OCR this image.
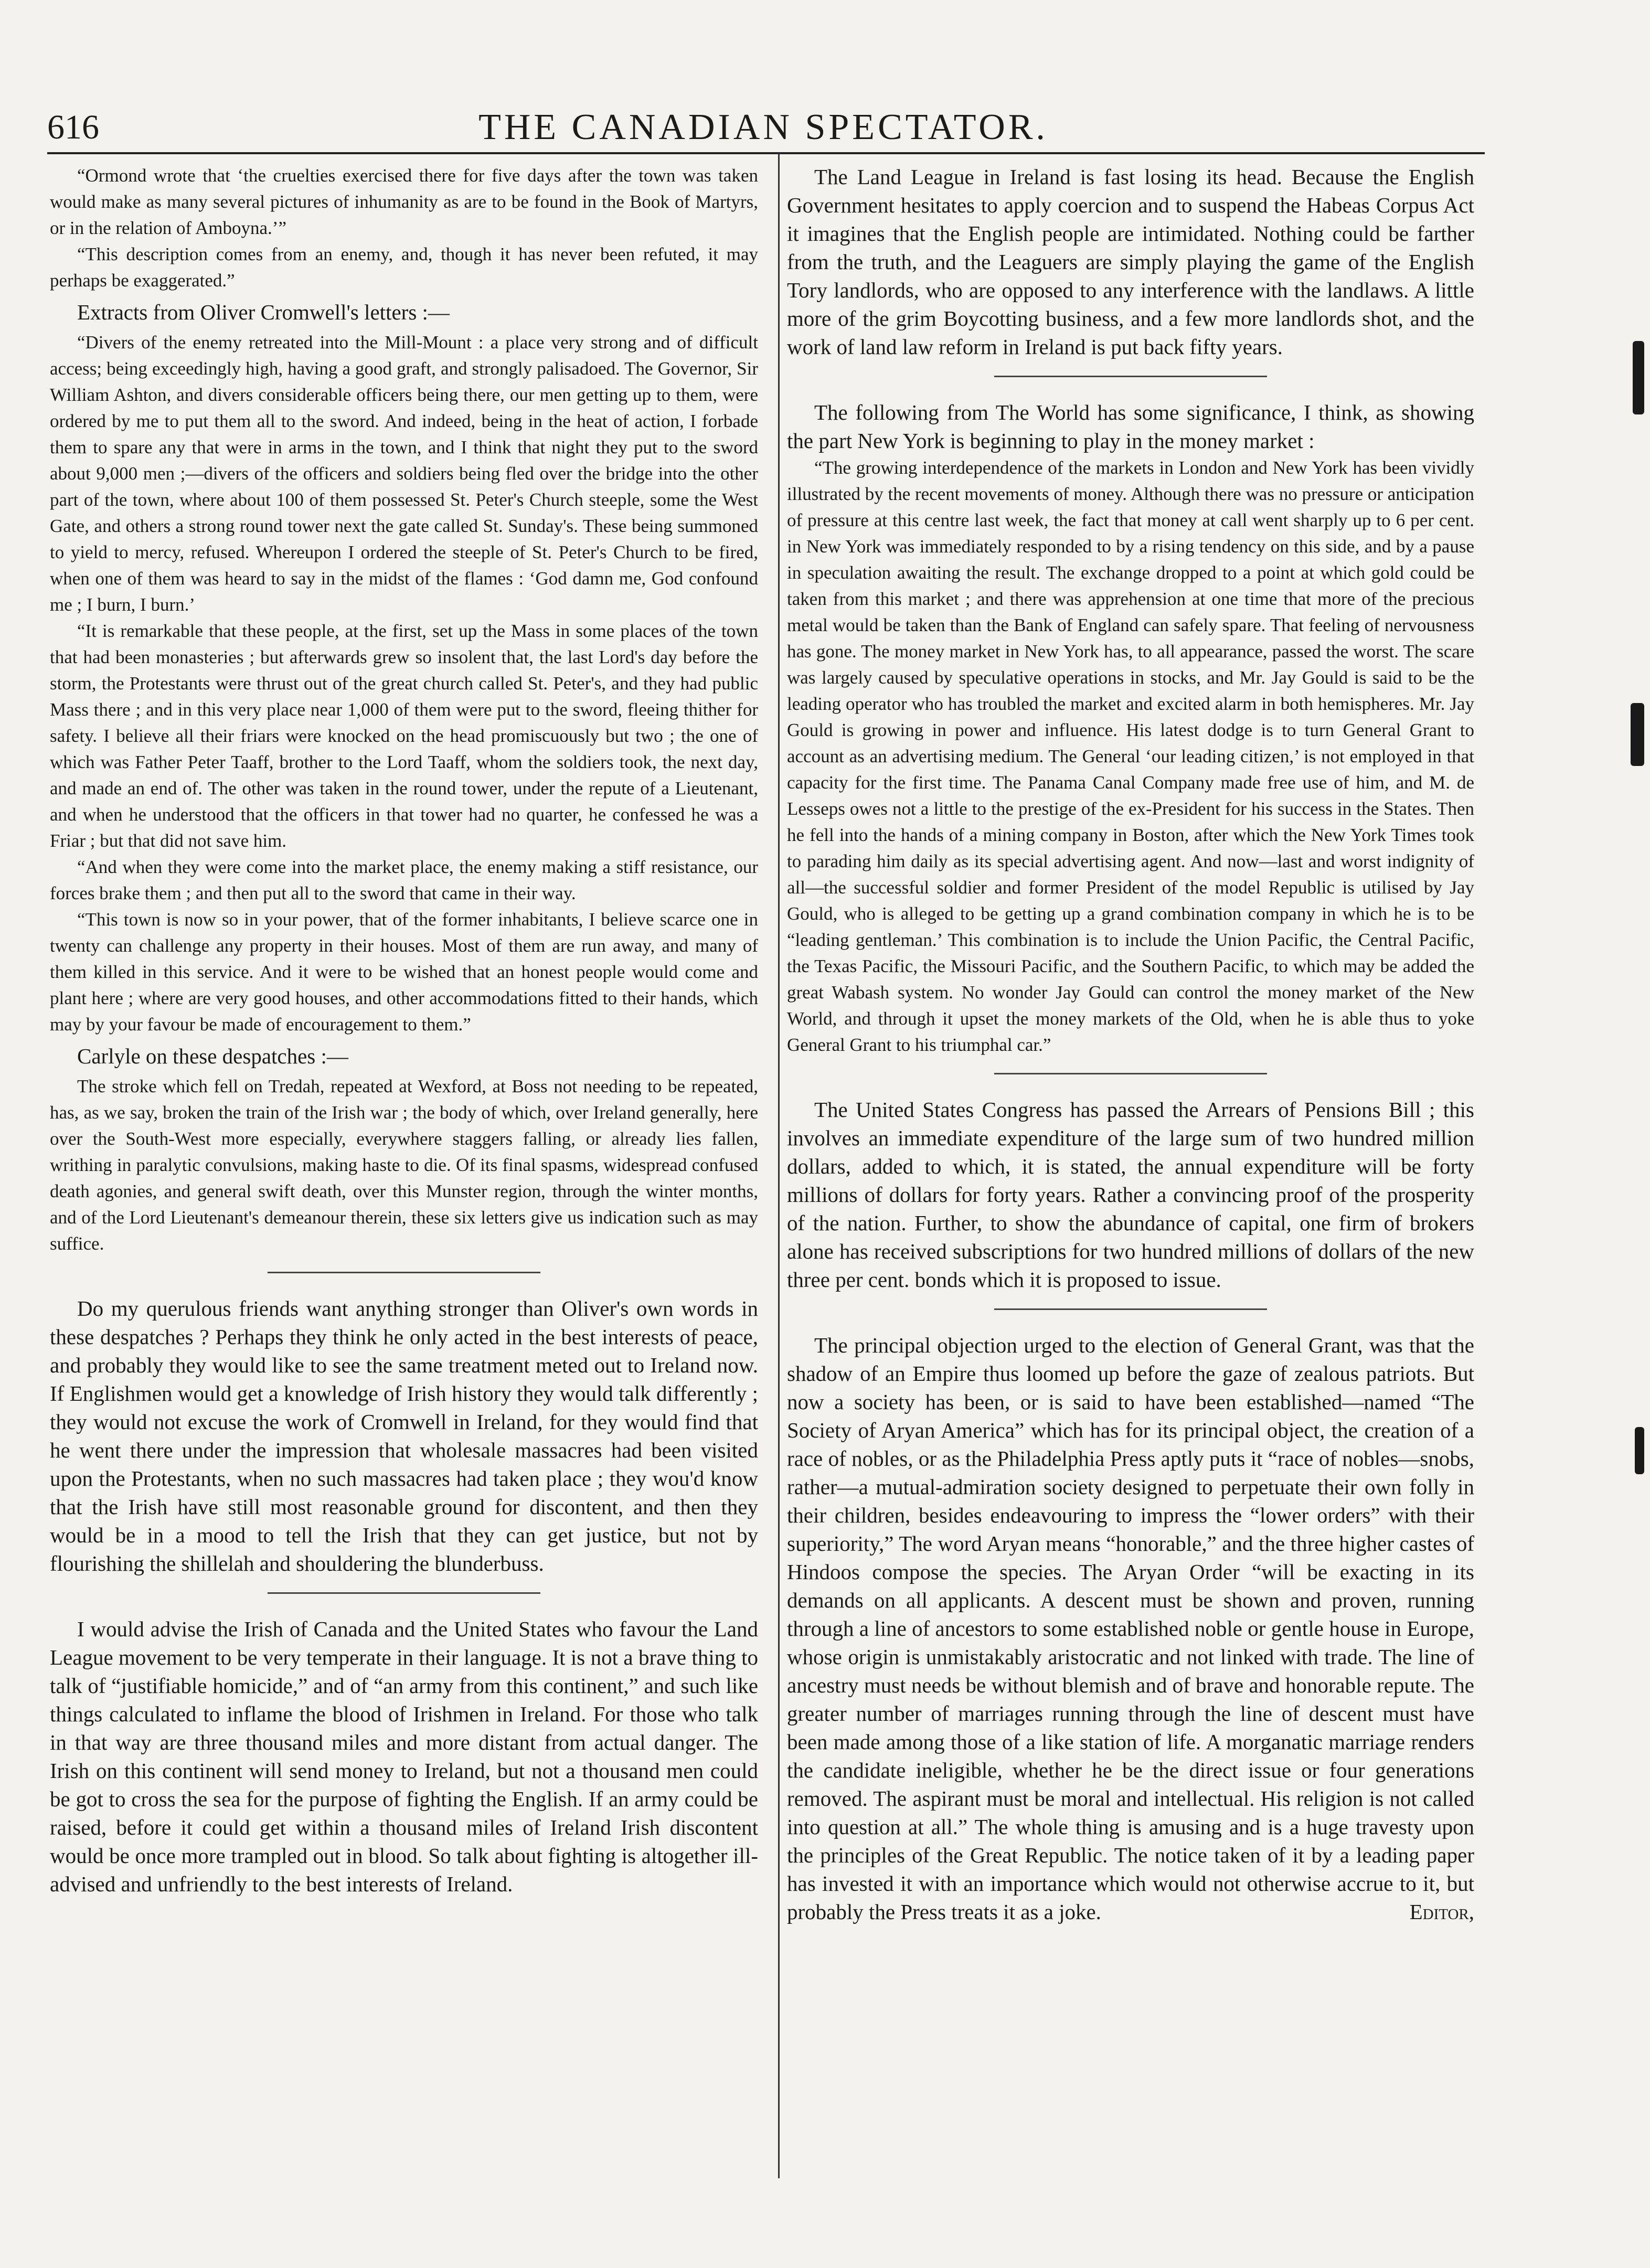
616	THE CANADIAN SPECTATOR.

“Ormond wrote that ‘the cruelties exercised there for five days after the town was taken would make as many several pictures of inhumanity as are to be found in the Book of Martyrs, or in the relation of Amboyna.’”

“This description comes from an enemy, and, though it has never been refuted, it may perhaps be exaggerated.”

Extracts from Oliver Cromwell's letters :—

“Divers of the enemy retreated into the Mill-Mount : a place very strong and of difficult access; being exceedingly high, having a good graft, and strongly palisadoed. The Governor, Sir William Ashton, and divers considerable officers being there, our men getting up to them, were ordered by me to put them all to the sword. And indeed, being in the heat of action, I forbade them to spare any that were in arms in the town, and I think that night they put to the sword about 9,000 men ;—divers of the officers and soldiers being fled over the bridge into the other part of the town, where about 100 of them possessed St. Peter's Church steeple, some the West Gate, and others a strong round tower next the gate called St. Sunday's. These being summoned to yield to mercy, refused. Whereupon I ordered the steeple of St. Peter's Church to be fired, when one of them was heard to say in the midst of the flames : ‘God damn me, God confound me ; I burn, I burn.’

“It is remarkable that these people, at the first, set up the Mass in some places of the town that had been monasteries ; but afterwards grew so insolent that, the last Lord's day before the storm, the Protestants were thrust out of the great church called St. Peter's, and they had public Mass there ; and in this very place near 1,000 of them were put to the sword, fleeing thither for safety. I believe all their friars were knocked on the head promiscuously but two ; the one of which was Father Peter Taaff, brother to the Lord Taaff, whom the soldiers took, the next day, and made an end of. The other was taken in the round tower, under the repute of a Lieutenant, and when he understood that the officers in that tower had no quarter, he confessed he was a Friar ; but that did not save him.

“And when they were come into the market place, the enemy making a stiff resistance, our forces brake them ; and then put all to the sword that came in their way.

“This town is now so in your power, that of the former inhabitants, I believe scarce one in twenty can challenge any property in their houses. Most of them are run away, and many of them killed in this service. And it were to be wished that an honest people would come and plant here ; where are very good houses, and other accommodations fitted to their hands, which may by your favour be made of encouragement to them.”

Carlyle on these despatches :—

The stroke which fell on Tredah, repeated at Wexford, at Boss not needing to be repeated, has, as we say, broken the train of the Irish war ; the body of which, over Ireland generally, here over the South-West more especially, everywhere staggers falling, or already lies fallen, writhing in paralytic convulsions, making haste to die. Of its final spasms, widespread confused death agonies, and general swift death, over this Munster region, through the winter months, and of the Lord Lieutenant's demeanour therein, these six letters give us indication such as may suffice.

Do my querulous friends want anything stronger than Oliver's own words in these despatches ? Perhaps they think he only acted in the best interests of peace, and probably they would like to see the same treatment meted out to Ireland now. If Englishmen would get a knowledge of Irish history they would talk differently ; they would not excuse the work of Cromwell in Ireland, for they would find that he went there under the impression that wholesale massacres had been visited upon the Protestants, when no such massacres had taken place ; they wou'd know that the Irish have still most reasonable ground for discontent, and then they would be in a mood to tell the Irish that they can get justice, but not by flourishing the shillelah and shouldering the blunderbuss.

I would advise the Irish of Canada and the United States who favour the Land League movement to be very temperate in their language. It is not a brave thing to talk of “justifiable homicide,” and of “an army from this continent,” and such like things calculated to inflame the blood of Irishmen in Ireland. For those who talk in that way are three thousand miles and more distant from actual danger. The Irish on this continent will send money to Ireland, but not a thousand men could be got to cross the sea for the purpose of fighting the English. If an army could be raised, before it could get within a thousand miles of Ireland Irish discontent would be once more trampled out in blood. So talk about fighting is altogether ill-advised and unfriendly to the best interests of Ireland.

The Land League in Ireland is fast losing its head. Because the English Government hesitates to apply coercion and to suspend the Habeas Corpus Act it imagines that the English people are intimidated. Nothing could be farther from the truth, and the Leaguers are simply playing the game of the English Tory landlords, who are opposed to any interference with the landlaws. A little more of the grim Boycotting business, and a few more landlords shot, and the work of land law reform in Ireland is put back fifty years.

The following from The World has some significance, I think, as showing the part New York is beginning to play in the money market :

“The growing interdependence of the markets in London and New York has been vividly illustrated by the recent movements of money. Although there was no pressure or anticipation of pressure at this centre last week, the fact that money at call went sharply up to 6 per cent. in New York was immediately responded to by a rising tendency on this side, and by a pause in speculation awaiting the result. The exchange dropped to a point at which gold could be taken from this market ; and there was apprehension at one time that more of the precious metal would be taken than the Bank of England can safely spare. That feeling of nervousness has gone. The money market in New York has, to all appearance, passed the worst. The scare was largely caused by speculative operations in stocks, and Mr. Jay Gould is said to be the leading operator who has troubled the market and excited alarm in both hemispheres. Mr. Jay Gould is growing in power and influence. His latest dodge is to turn General Grant to account as an advertising medium. The General ‘our leading citizen,’ is not employed in that capacity for the first time. The Panama Canal Company made free use of him, and M. de Lesseps owes not a little to the prestige of the ex-President for his success in the States. Then he fell into the hands of a mining company in Boston, after which the New York Times took to parading him daily as its special advertising agent. And now—last and worst indignity of all—the successful soldier and former President of the model Republic is utilised by Jay Gould, who is alleged to be getting up a grand combination company in which he is to be “leading gentleman.’ This combination is to include the Union Pacific, the Central Pacific, the Texas Pacific, the Missouri Pacific, and the Southern Pacific, to which may be added the great Wabash system. No wonder Jay Gould can control the money market of the New World, and through it upset the money markets of the Old, when he is able thus to yoke General Grant to his triumphal car.”

The United States Congress has passed the Arrears of Pensions Bill ; this involves an immediate expenditure of the large sum of two hundred million dollars, added to which, it is stated, the annual expenditure will be forty millions of dollars for forty years. Rather a convincing proof of the prosperity of the nation. Further, to show the abundance of capital, one firm of brokers alone has received subscriptions for two hundred millions of dollars of the new three per cent. bonds which it is proposed to issue.

The principal objection urged to the election of General Grant, was that the shadow of an Empire thus loomed up before the gaze of zealous patriots. But now a society has been, or is said to have been established—named “The Society of Aryan America” which has for its principal object, the creation of a race of nobles, or as the Philadelphia Press aptly puts it “race of nobles—snobs, rather—a mutual-admiration society designed to perpetuate their own folly in their children, besides endeavouring to impress the “lower orders” with their superiority,” The word Aryan means “honorable,” and the three higher castes of Hindoos compose the species. The Aryan Order “will be exacting in its demands on all applicants. A descent must be shown and proven, running through a line of ancestors to some established noble or gentle house in Europe, whose origin is unmistakably aristocratic and not linked with trade. The line of ancestry must needs be without blemish and of brave and honorable repute. The greater number of marriages running through the line of descent must have been made among those of a like station of life. A morganatic marriage renders the candidate ineligible, whether he be the direct issue or four generations removed. The aspirant must be moral and intellectual. His religion is not called into question at all.” The whole thing is amusing and is a huge travesty upon the principles of the Great Republic. The notice taken of it by a leading paper has invested it with an importance which would not otherwise accrue to it, but probably the Press treats it as a joke.	Editor,
